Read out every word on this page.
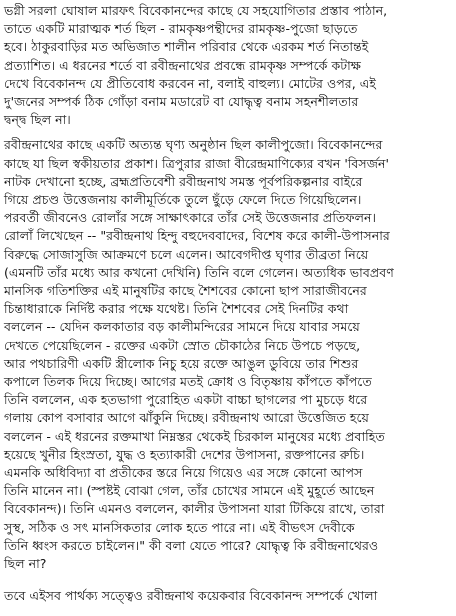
ভগ্নী সরলা ঘোষাল মারফৎ বিবেকানন্দের কাছে যে সহযোগিতার প্রস্তাব পাঠান,
তাতে একটি মারাত্মক শর্ত ছিল - রামকৃষ্ণপন্থীদের রামকৃষ্ণ-পুজো ছাড়তে
হবে। ঠাকুরবাড়ির মত অভিজাত শালীন পরিবার থেকে এরকম শর্ত নিতান্তই
প্রত্যাশিত। এ ধরনের শর্তে বা রবীন্দ্রনাথের প্রবন্ধে রামকৃষ্ণ সম্পর্কে কটাক্ষ
দেখে বিবেকানন্দ যে প্রীতিবোধ করবেন না, বলাই বাহুল্য। মোটের ওপর, এই
দু'জনের সম্পর্ক ঠিক গোঁড়া বনাম মডারেট বা যোদ্ধৃত্ব বনাম সহনশীলতার
দ্বন্দ্ব ছিল না।

রবীন্দ্রনাথের কাছে একটি অত্যন্ত ঘৃণ্য অনুষ্ঠান ছিল কালীপুজো। বিবেকানন্দের
কাছে যা ছিল স্বকীয়তার প্রকাশ। ত্রিপুরার রাজা বীরেন্দ্রমাণিক্যের বখন 'বিসর্জন'
নাটক দেখানো হচ্ছে, ব্রহ্মপ্রতিবেশী রবীন্দ্রনাথ সমস্ত পূর্বপরিকল্পনার বাইরে
গিয়ে প্রচণ্ড উত্তেজনায় কালীমূর্তিকে তুলে ছুঁড়ে ফেলে দিতে গিয়েছিলেন।
পরবর্তী জীবনেও রোলাঁর সঙ্গে সাক্ষাৎকারে তাঁর সেই উত্তেজনার প্রতিফলন।
রোলাঁ লিখেছেন -- "রবীন্দ্রনাথ হিন্দু বহুদেববাদের, বিশেষ করে কালী-উপাসনার
বিরুদ্ধে সোজাসুজি আক্রমণে চলে এলেন। আবেগদীপ্ত ঘৃণার তীব্রতা নিয়ে
(এমনটি তাঁর মধ্যে আর কখনো দেখিনি) তিনি বলে গেলেন। অত্যধিক ভাবপ্রবণ
মানসিক গতিশক্তির এই মানুষটির কাছে শৈশবের কোনো ছাপ সারাজীবনের
চিন্তাধারাকে নির্দিষ্ট করার পক্ষে যথেষ্ট। তিনি শৈশবের সেই দিনটির কথা
বললেন -- যেদিন কলকাতার বড় কালীমন্দিরের সামনে দিয়ে যাবার সময়ে
দেখতে পেয়েছিলেন - রক্তের একটা স্রোত চৌকাঠের নিচে উপচে পড়ছে,
আর পথচারিণী একটি স্ত্রীলোক নিচু হয়ে রক্তে আঙুল ডুবিয়ে তার শিশুর
কপালে তিলক দিয়ে দিচ্ছে। আগের মতই ক্রোধ ও বিতৃষ্ণায় কাঁপতে কাঁপতে
তিনি বললেন, এক হতভাগা পুরোহিত একটা বাচ্চা ছাগলের পা মুচড়ে ধরে
গলায় কোপ বসাবার আগে ঝাঁকুনি দিচ্ছে। রবীন্দ্রনাথ আরো উত্তেজিত হয়ে
বললেন - এই ধরনের রক্তমাখা নিম্নস্তর থেকেই চিরকাল মানুষের মধ্যে প্রবাহিত
হয়েছে খুনীর হিংস্রতা, যুদ্ধ ও হত্যাকারী দেশের উপাসনা, রক্তপানের রুচি।
এমনকি অধিবিদ্যা বা প্রতীকের স্তরে নিয়ে গিয়েও এর সঙ্গে কোনো আপস
তিনি মানেন না। (স্পষ্টই বোঝা গেল, তাঁর চোখের সামনে এই মুহূর্তে আছেন
বিবেকানন্দ)। তিনি এমনও বললেন, কালীর উপাসনা যারা টিকিয়ে রাখে, তারা
সুস্থ, সঠিক ও সৎ মানসিকতার লোক হতে পারে না। এই বীভৎস দেবীকে
তিনি ধ্বংস করতে চাইলেন।" কী বলা যেতে পারে? যোদ্ধৃত্ব কি রবীন্দ্রনাথেরও
ছিল না?

তবে এইসব পার্থক্য সত্ত্বেও রবীন্দ্রনাথ কয়েকবার বিবেকানন্দ সম্পর্কে খোলা
